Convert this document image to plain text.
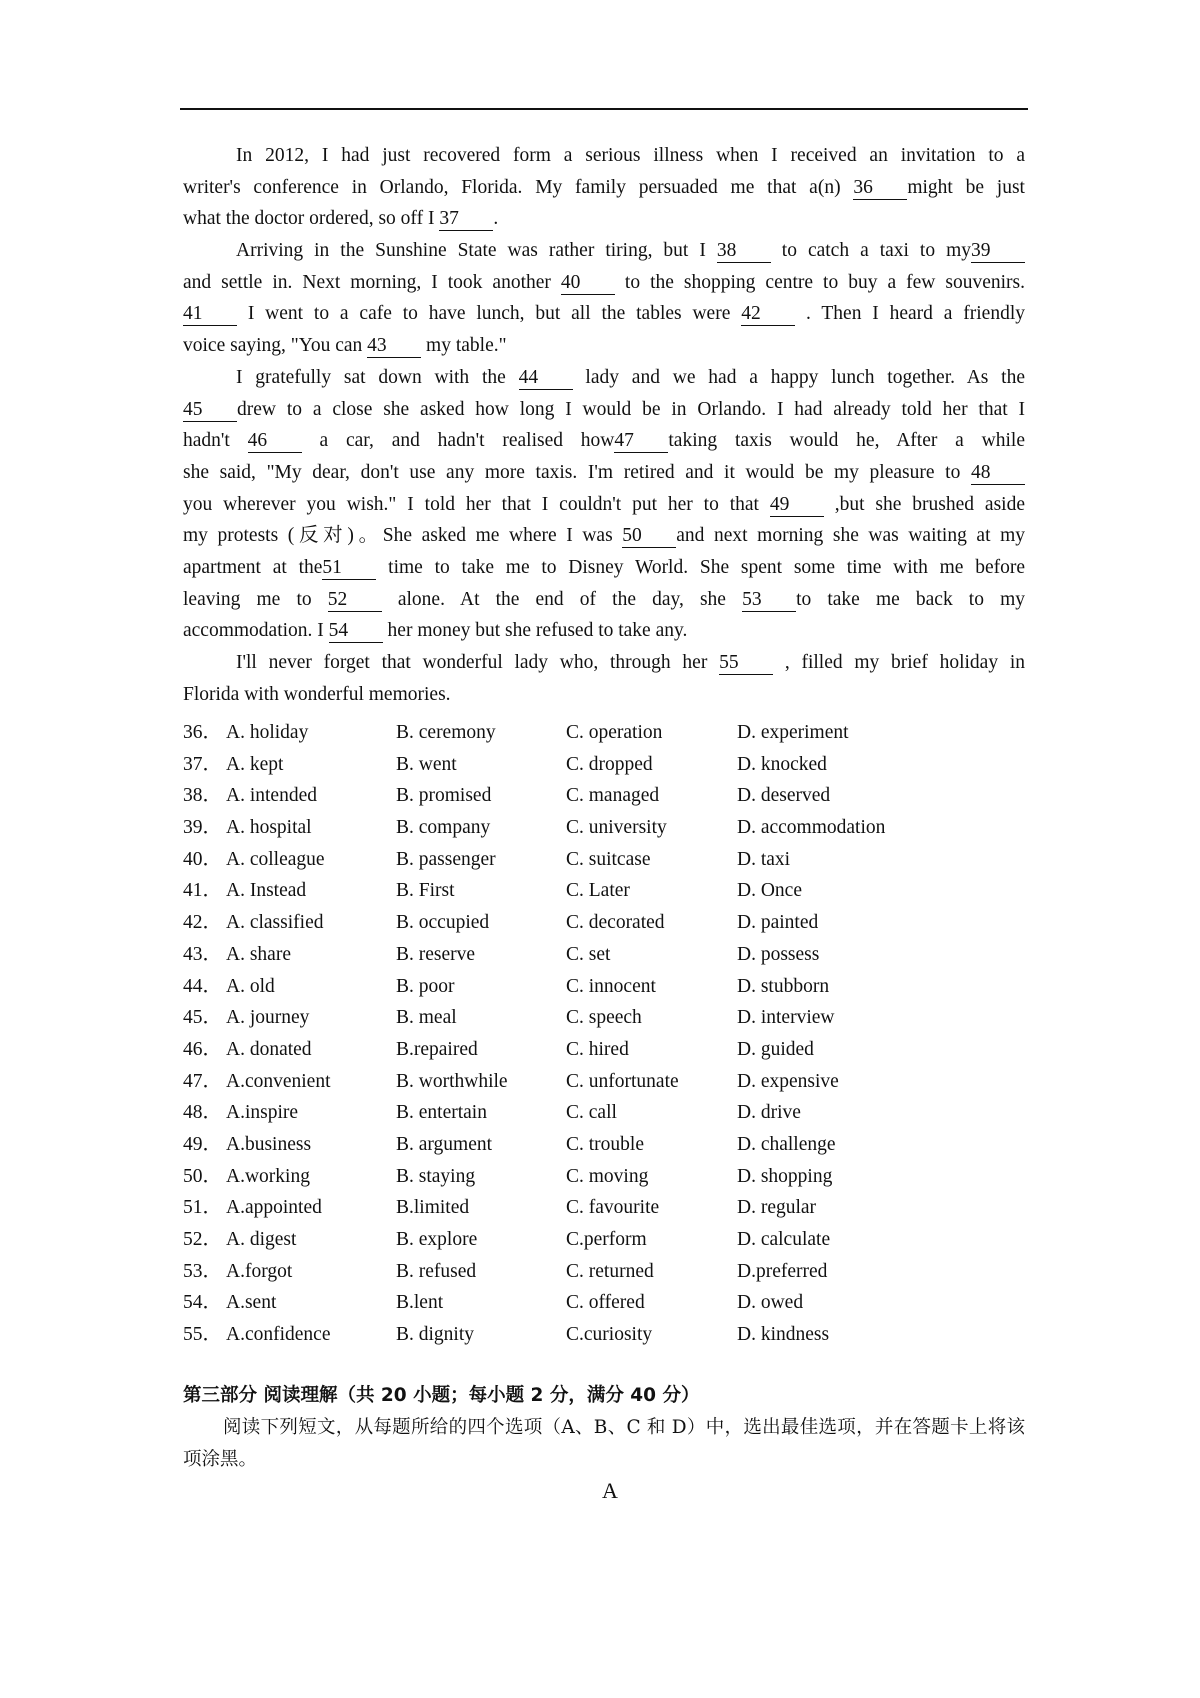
In 2012, I had just recovered form a serious illness when I received an invitation to a
writer's conference in Orlando, Florida. My family persuaded me that a(n) 36 might be just
what the doctor ordered, so off I 37 .
Arriving in the Sunshine State was rather tiring, but I 38 to catch a taxi to my39
and settle in. Next morning, I took another 40 to the shopping centre to buy a few souvenirs.
41 I went to a cafe to have lunch, but all the tables were 42 . Then I heard a friendly
voice saying, "You can 43 my table."
I gratefully sat down with the 44 lady and we had a happy lunch together. As the
45 drew to a close she asked how long I would be in Orlando. I had already told her that I
hadn't 46 a car, and hadn't realised how47 taking taxis would he, After a while
she said, "My dear, don't use any more taxis. I'm retired and it would be my pleasure to 48
you wherever you wish." I told her that I couldn't put her to that 49 ,but she brushed aside
my protests (反对)。She asked me where I was 50 and next morning she was waiting at my
apartment at the51 time to take me to Disney World. She spent some time with me before
leaving me to 52 alone. At the end of the day, she 53 to take me back to my
accommodation. I 54 her money but she refused to take any.
I'll never forget that wonderful lady who, through her 55 , filled my brief holiday in
Florida with wonderful memories.
36． A. holiday	B. ceremony	C. operation	D. experiment
37． A. kept	B. went	C. dropped	D. knocked
38． A. intended	B. promised	C. managed	D. deserved
39． A. hospital	B. company	C. university	D. accommodation
40． A. colleague	B. passenger	C. suitcase	D. taxi
41． A. Instead	B. First	C. Later	D. Once
42． A. classified	B. occupied	C. decorated	D. painted
43． A. share	B. reserve	C. set	D. possess
44． A. old	B. poor	C. innocent	D. stubborn
45． A. journey	B. meal	C. speech	D. interview
46． A. donated	B.repaired	C. hired	D. guided
47． A.convenient	B. worthwhile	C. unfortunate	D. expensive
48． A.inspire	B. entertain	C. call	D. drive
49． A.business	B. argument	C. trouble	D. challenge
50． A.working	B. staying	C. moving	D. shopping
51． A.appointed	B.limited	C. favourite	D. regular
52． A. digest	B. explore	C.perform	D. calculate
53． A.forgot	B. refused	C. returned	D.preferred
54． A.sent	B.lent	C. offered	D. owed
55． A.confidence	B. dignity	C.curiosity	D. kindness
第三部分 阅读理解（共 20 小题；每小题 2 分，满分 40 分）
阅读下列短文，从每题所给的四个选项（A、B、C 和 D）中，选出最佳选项，并在答题卡上将该项涂黑。
A
